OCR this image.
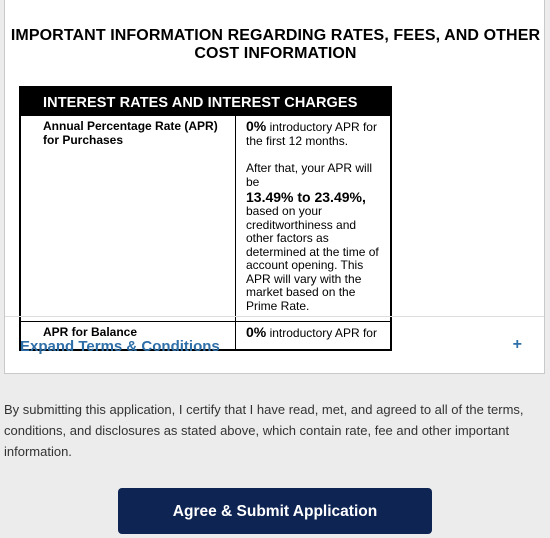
IMPORTANT INFORMATION REGARDING RATES, FEES, AND OTHER COST INFORMATION
INTEREST RATES AND INTEREST CHARGES	
Annual Percentage Rate (APR) for Purchases	0% introductory APR for the first 12 months.

After that, your APR will be
13.49% to 23.49%,
based on your creditworthiness and other factors as determined at the time of account opening. This APR will vary with the market based on the Prime Rate.

APR for Balance	0% introductory APR for

Expand Terms & Conditions	+
By submitting this application, I certify that I have read, met, and agreed to all of the terms, conditions, and disclosures as stated above, which contain rate, fee and other important information.
Agree & Submit Application
